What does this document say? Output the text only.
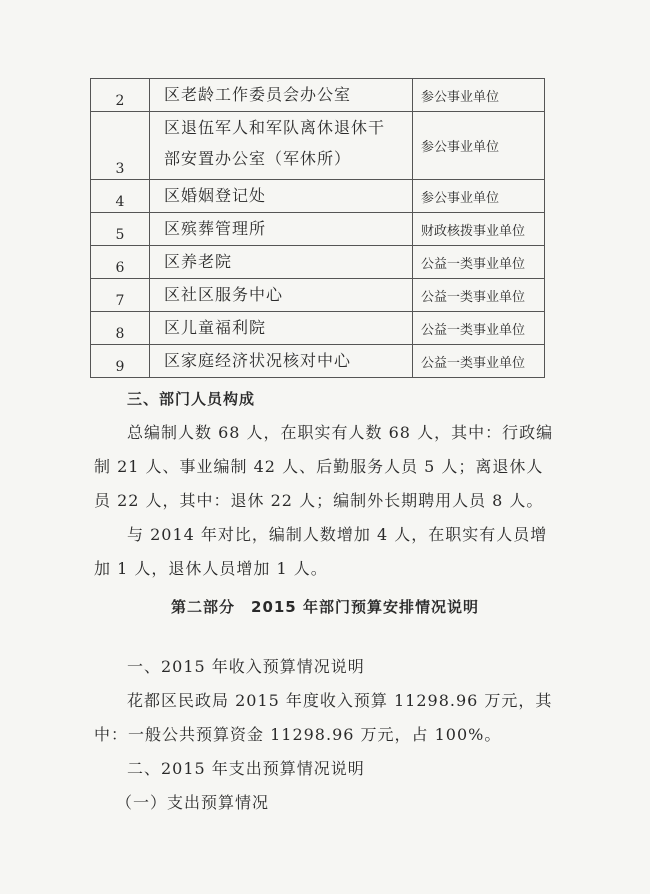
2	区老龄工作委员会办公室	参公事业单位
3	区退伍军人和军队离休退休干
部安置办公室（军休所）	参公事业单位
4	区婚姻登记处	参公事业单位
5	区殡葬管理所	财政核拨事业单位
6	区养老院	公益一类事业单位
7	区社区服务中心	公益一类事业单位
8	区儿童福利院	公益一类事业单位
9	区家庭经济状况核对中心	公益一类事业单位

三、部门人员构成

总编制人数 68 人，在职实有人数 68 人，其中：行政编制 21 人、事业编制 42 人、后勤服务人员 5 人；离退休人员 22 人，其中：退休 22 人；编制外长期聘用人员 8 人。

与 2014 年对比，编制人数增加 4 人，在职实有人员增加 1 人，退休人员增加 1 人。

第二部分　2015 年部门预算安排情况说明
一、2015 年收入预算情况说明
花都区民政局 2015 年度收入预算 11298.96 万元，其中：一般公共预算资金 11298.96 万元，占 100%。
二、2015 年支出预算情况说明
（一）支出预算情况
